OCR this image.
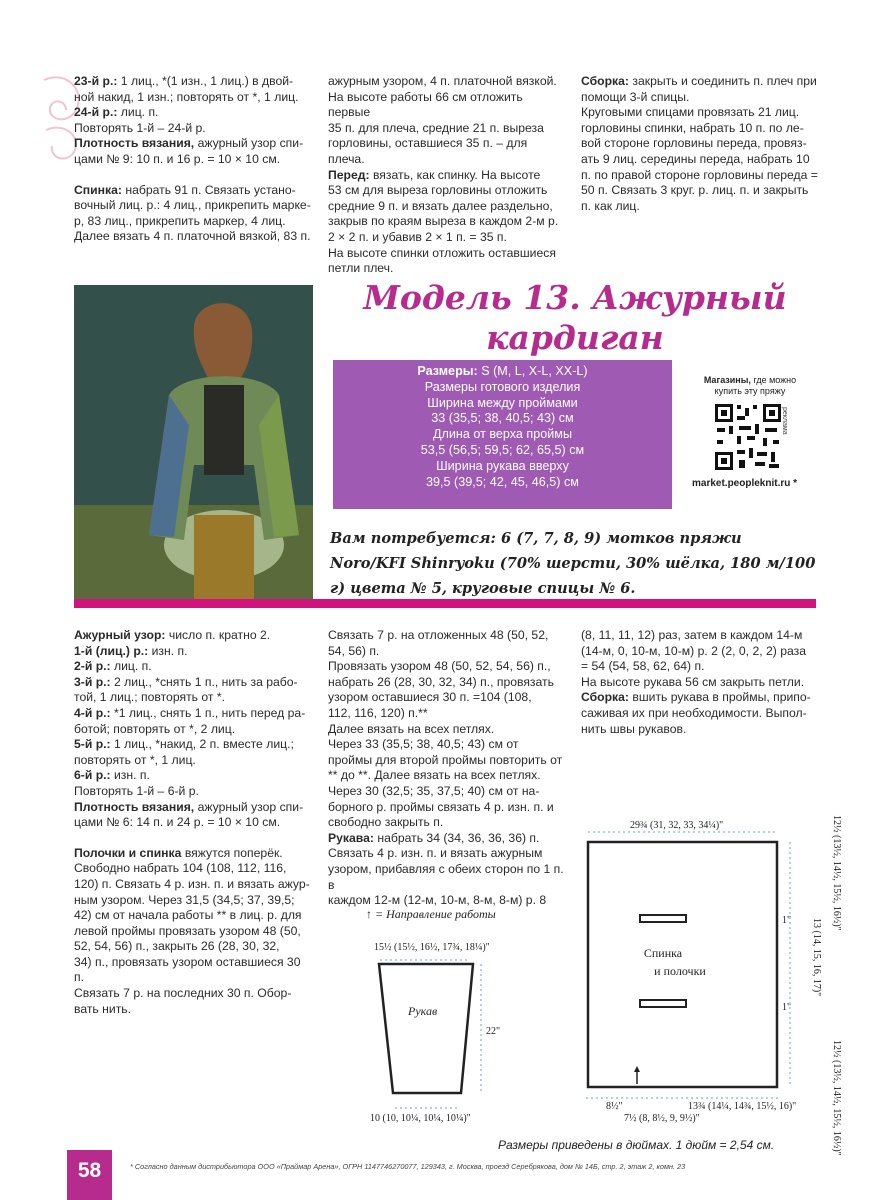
23-й р.: 1 лиц., *(1 изн., 1 лиц.) в двой-

ной накид, 1 изн.; повторять от *, 1 лиц.

24-й р.: лиц. п.

Повторять 1-й – 24-й р.

Плотность вязания, ажурный узор спи-

цами № 9: 10 п. и 16 р. = 10 × 10 см.

Спинка: набрать 91 п. Связать устано-

вочный лиц. р.: 4 лиц., прикрепить марке-

р, 83 лиц., прикрепить маркер, 4 лиц.

Далее вязать 4 п. платочной вязкой, 83 п.

ажурным узором, 4 п. платочной вязкой.

На высоте работы 66 см отложить первые

35 п. для плеча, средние 21 п. выреза

горловины, оставшиеся 35 п. – для плеча.

Перед: вязать, как спинку. На высоте

53 см для выреза горловины отложить

средние 9 п. и вязать далее раздельно,

закрыв по краям выреза в каждом 2-м р.

2 × 2 п. и убавив 2 × 1 п. = 35 п.

На высоте спинки отложить оставшиеся

петли плеч.

Сборка: закрыть и соединить п. плеч при

помощи 3-й спицы.

Круговыми спицами провязать 21 лиц.

горловины спинки, набрать 10 п. по ле-

вой стороне горловины переда, провяз-

ать 9 лиц. середины переда, набрать 10

п. по правой стороне горловины переда =

50 п. Связать 3 круг. р. лиц. п. и закрыть

п. как лиц.

Модель 13. Ажурный
кардиган

Размеры: S (M, L, X-L, XX-L)

Размеры готового изделия

Ширина между проймами

33 (35,5; 38, 40,5; 43) см

Длина от верха проймы

53,5 (56,5; 59,5; 62, 65,5) см

Ширина рукава вверху

39,5 (39,5; 42, 45, 46,5) см

Магазины, где можно купить эту пряжу
реклама
market.peopleknit.ru *
Вам потребуется: 6 (7, 7, 8, 9) мотков пряжи Noro/KFI Shinryoku (70% шерсти, 30% шёлка, 180 м/100 г) цвета № 5, круговые спицы № 6.

Ажурный узор: число п. кратно 2.

1-й (лиц.) р.: изн. п.

2-й р.: лиц. п.

3-й р.: 2 лиц., *снять 1 п., нить за рабо-

той, 1 лиц.; повторять от *.

4-й р.: *1 лиц., снять 1 п., нить перед ра-

ботой; повторять от *, 2 лиц.

5-й р.: 1 лиц., *накид, 2 п. вместе лиц.;

повторять от *, 1 лиц.

6-й р.: изн. п.

Повторять 1-й – 6-й р.

Плотность вязания, ажурный узор спи-

цами № 6: 14 п. и 24 р. = 10 × 10 см.

Полочки и спинка вяжутся поперёк.

Свободно набрать 104 (108, 112, 116,

120) п. Связать 4 р. изн. п. и вязать ажур-

ным узором. Через 31,5 (34,5; 37, 39,5;

42) см от начала работы ** в лиц. р. для

левой проймы провязать узором 48 (50,

52, 54, 56) п., закрыть 26 (28, 30, 32,

34) п., провязать узором оставшиеся 30

п.

Связать 7 р. на последних 30 п. Обор-

вать нить.

Связать 7 р. на отложенных 48 (50, 52,

54, 56) п.

Провязать узором 48 (50, 52, 54, 56) п.,

набрать 26 (28, 30, 32, 34) п., провязать

узором оставшиеся 30 п. =104 (108,

112, 116, 120) п.**

Далее вязать на всех петлях.

Через 33 (35,5; 38, 40,5; 43) см от

проймы для второй проймы повторить от

** до **. Далее вязать на всех петлях.

Через 30 (32,5; 35, 37,5; 40) см от на-

борного р. проймы связать 4 р. изн. п. и

свободно закрыть п.

Рукава: набрать 34 (34, 36, 36, 36) п.

Связать 4 р. изн. п. и вязать ажурным

узором, прибавляя с обеих сторон по 1 п. в

каждом 12-м (12-м, 10-м, 8-м, 8-м) р. 8

(8, 11, 11, 12) раз, затем в каждом 14-м

(14-м, 0, 10-м, 10-м) р. 2 (2, 0, 2, 2) раза

= 54 (54, 58, 62, 64) п.

На высоте рукава 56 см закрыть петли.

Сборка: вшить рукава в проймы, припо-

саживая их при необходимости. Выпол-

нить швы рукавов.

↑ = Направление работы
15½ (15½, 16½, 17¾, 18¼)"
Рукав
22"
10 (10, 10¼, 10¼, 10¼)"
29¾ (31, 32, 33, 34¼)"
Спинка
и полочки
1"
1"
8½"	13¾ (14¼, 14¾, 15½, 16)"
7½ (8, 8½, 9, 9½)"
12½ (13½, 14½, 15½, 16½)"
13 (14, 15, 16, 17)"
12½ (13½, 14½, 15½, 16½)"
Размеры приведены в дюймах. 1 дюйм = 2,54 см.
58	* Согласно данным дистрибьютора ООО «Праймар Арена», ОГРН 1147746270077, 129343, г. Москва, проезд Серебрякова, дом № 14Б, стр. 2, этаж 2, комн. 23
